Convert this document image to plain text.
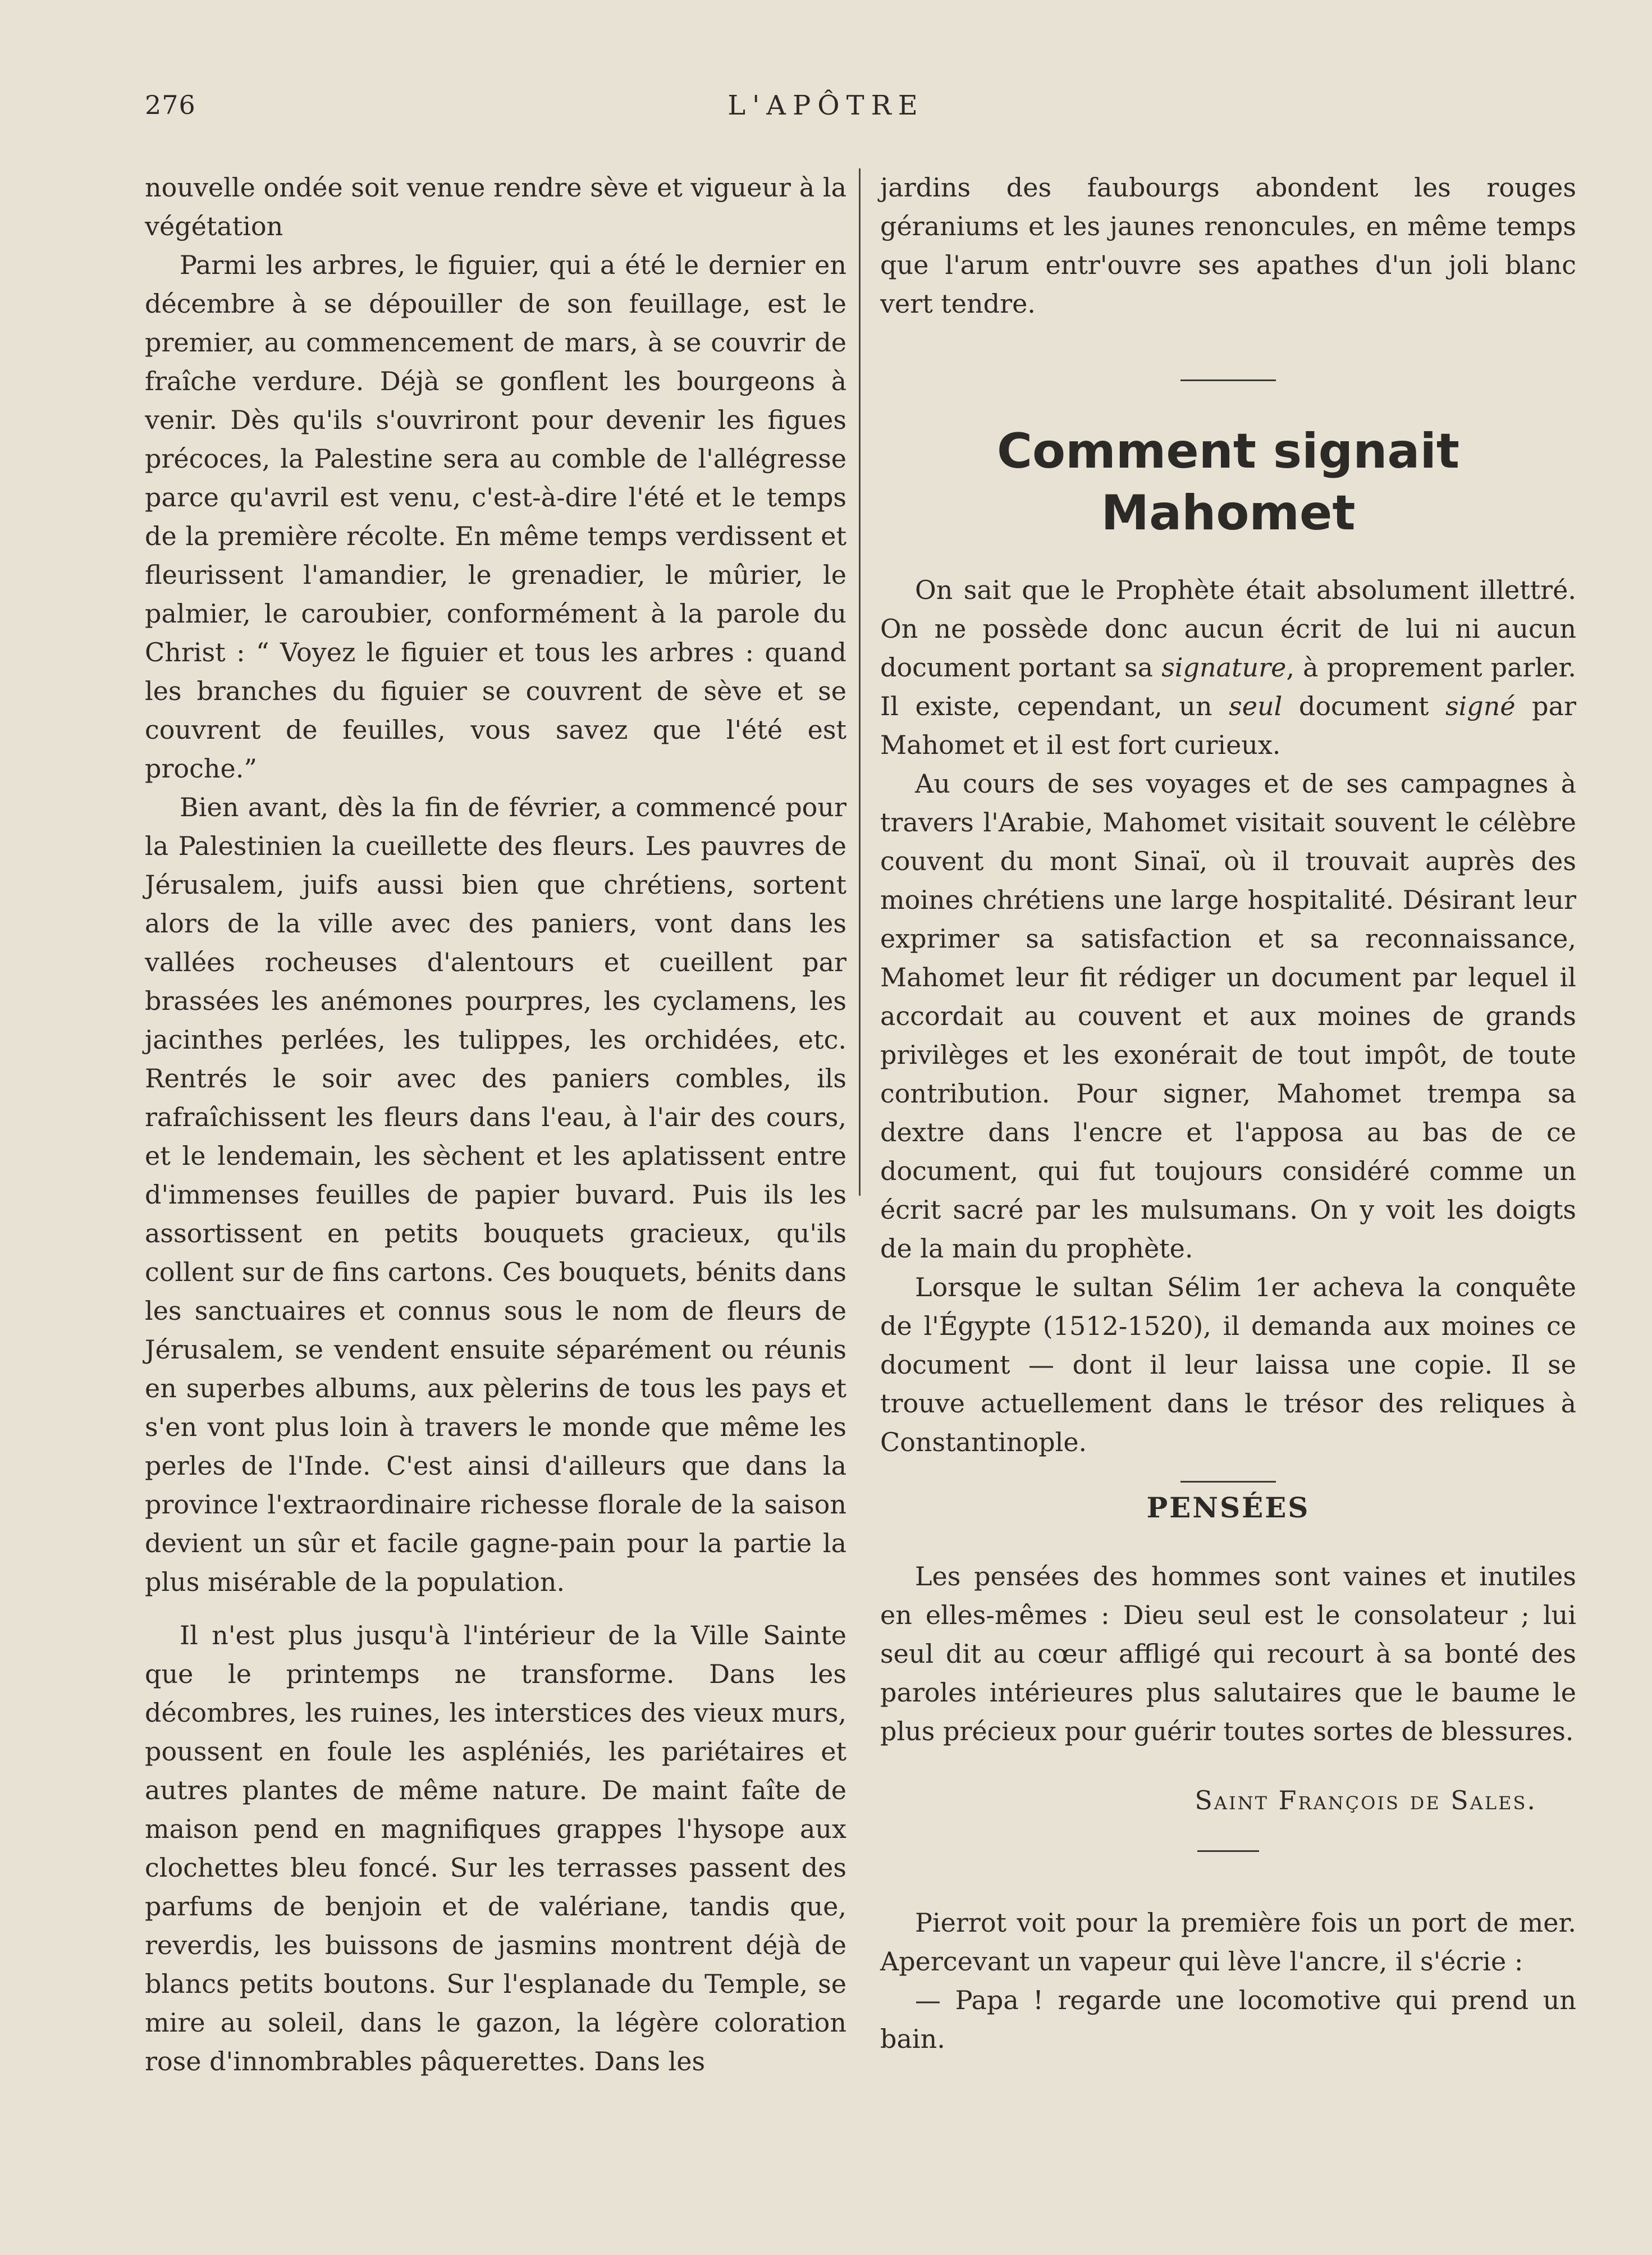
276	L'APÔTRE

nouvelle ondée soit venue rendre sève et vigueur à la végétation

Parmi les arbres, le figuier, qui a été le dernier en décembre à se dépouiller de son feuillage, est le premier, au commencement de mars, à se couvrir de fraîche verdure. Déjà se gonflent les bourgeons à venir. Dès qu'ils s'ouvriront pour devenir les figues précoces, la Palestine sera au comble de l'allégresse parce qu'avril est venu, c'est-à-dire l'été et le temps de la première récolte. En même temps verdissent et fleurissent l'amandier, le grenadier, le mûrier, le palmier, le caroubier, conformément à la parole du Christ : “ Voyez le figuier et tous les arbres : quand les branches du figuier se couvrent de sève et se couvrent de feuilles, vous savez que l'été est proche.”

Bien avant, dès la fin de février, a commencé pour la Palestinien la cueillette des fleurs. Les pauvres de Jérusalem, juifs aussi bien que chrétiens, sortent alors de la ville avec des paniers, vont dans les vallées rocheuses d'alentours et cueillent par brassées les anémones pourpres, les cyclamens, les jacinthes perlées, les tulippes, les orchidées, etc. Rentrés le soir avec des paniers combles, ils rafraîchissent les fleurs dans l'eau, à l'air des cours, et le lendemain, les sèchent et les aplatissent entre d'immenses feuilles de papier buvard. Puis ils les assortissent en petits bouquets gracieux, qu'ils collent sur de fins cartons. Ces bouquets, bénits dans les sanctuaires et connus sous le nom de fleurs de Jérusalem, se vendent ensuite séparément ou réunis en superbes albums, aux pèlerins de tous les pays et s'en vont plus loin à travers le monde que même les perles de l'Inde. C'est ainsi d'ailleurs que dans la province l'extraordinaire richesse florale de la saison devient un sûr et facile gagne-pain pour la partie la plus misérable de la population.

Il n'est plus jusqu'à l'intérieur de la Ville Sainte que le printemps ne transforme. Dans les décombres, les ruines, les interstices des vieux murs, poussent en foule les aspléniés, les pariétaires et autres plantes de même nature. De maint faîte de maison pend en magnifiques grappes l'hysope aux clochettes bleu foncé. Sur les terrasses passent des parfums de benjoin et de valériane, tandis que, reverdis, les buissons de jasmins montrent déjà de blancs petits boutons. Sur l'esplanade du Temple, se mire au soleil, dans le gazon, la légère coloration rose d'innombrables pâquerettes. Dans les

jardins des faubourgs abondent les rouges géraniums et les jaunes renoncules, en même temps que l'arum entr'ouvre ses apathes d'un joli blanc vert tendre.

Comment signait Mahomet

On sait que le Prophète était absolument illettré. On ne possède donc aucun écrit de lui ni aucun document portant sa signature, à proprement parler. Il existe, cependant, un seul document signé par Mahomet et il est fort curieux.

Au cours de ses voyages et de ses campagnes à travers l'Arabie, Mahomet visitait souvent le célèbre couvent du mont Sinaï, où il trouvait auprès des moines chrétiens une large hospitalité. Désirant leur exprimer sa satisfaction et sa reconnaissance, Mahomet leur fit rédiger un document par lequel il accordait au couvent et aux moines de grands privilèges et les exonérait de tout impôt, de toute contribution. Pour signer, Mahomet trempa sa dextre dans l'encre et l'apposa au bas de ce document, qui fut toujours considéré comme un écrit sacré par les mulsumans. On y voit les doigts de la main du prophète.

Lorsque le sultan Sélim 1er acheva la conquête de l'Égypte (1512-1520), il demanda aux moines ce document — dont il leur laissa une copie. Il se trouve actuellement dans le trésor des reliques à Constantinople.

PENSÉES

Les pensées des hommes sont vaines et inutiles en elles-mêmes : Dieu seul est le consolateur ; lui seul dit au cœur affligé qui recourt à sa bonté des paroles intérieures plus salutaires que le baume le plus précieux pour guérir toutes sortes de blessures.

Saint François de Sales.

Pierrot voit pour la première fois un port de mer. Apercevant un vapeur qui lève l'ancre, il s'écrie :

— Papa ! regarde une locomotive qui prend un bain.
